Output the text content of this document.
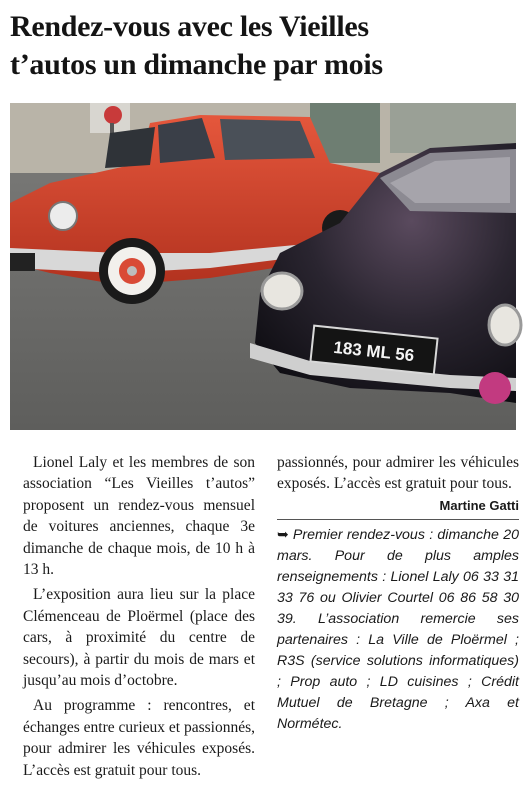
Rendez-vous avec les Vieilles
t’autos un dimanche par mois
183 ML 56

Lionel Laly et les membres de son association “Les Vieilles t’autos” proposent un rendez-vous mensuel de voitures anciennes, chaque 3e dimanche de chaque mois, de 10 h à 13 h.

L’exposition aura lieu sur la place Clémenceau de Ploërmel (place des cars, à proximité du centre de secours), à partir du mois de mars et jusqu’au mois d’octobre.

Au programme : rencontres, et échanges entre curieux et passionnés, pour admirer les véhicules exposés. L’accès est gratuit pour tous.

passionnés, pour admirer les véhicules exposés. L’accès est gratuit pour tous.

Martine Gatti
➥ Premier rendez-vous : dimanche 20 mars. Pour de plus amples renseignements : Lionel Laly 06 33 31 33 76 ou Olivier Courtel 06 86 58 30 39. L’association remercie ses partenaires : La Ville de Ploërmel ; R3S (service solutions informatiques) ; Prop auto ; LD cuisines ; Crédit Mutuel de Bretagne ; Axa et Normétec.
